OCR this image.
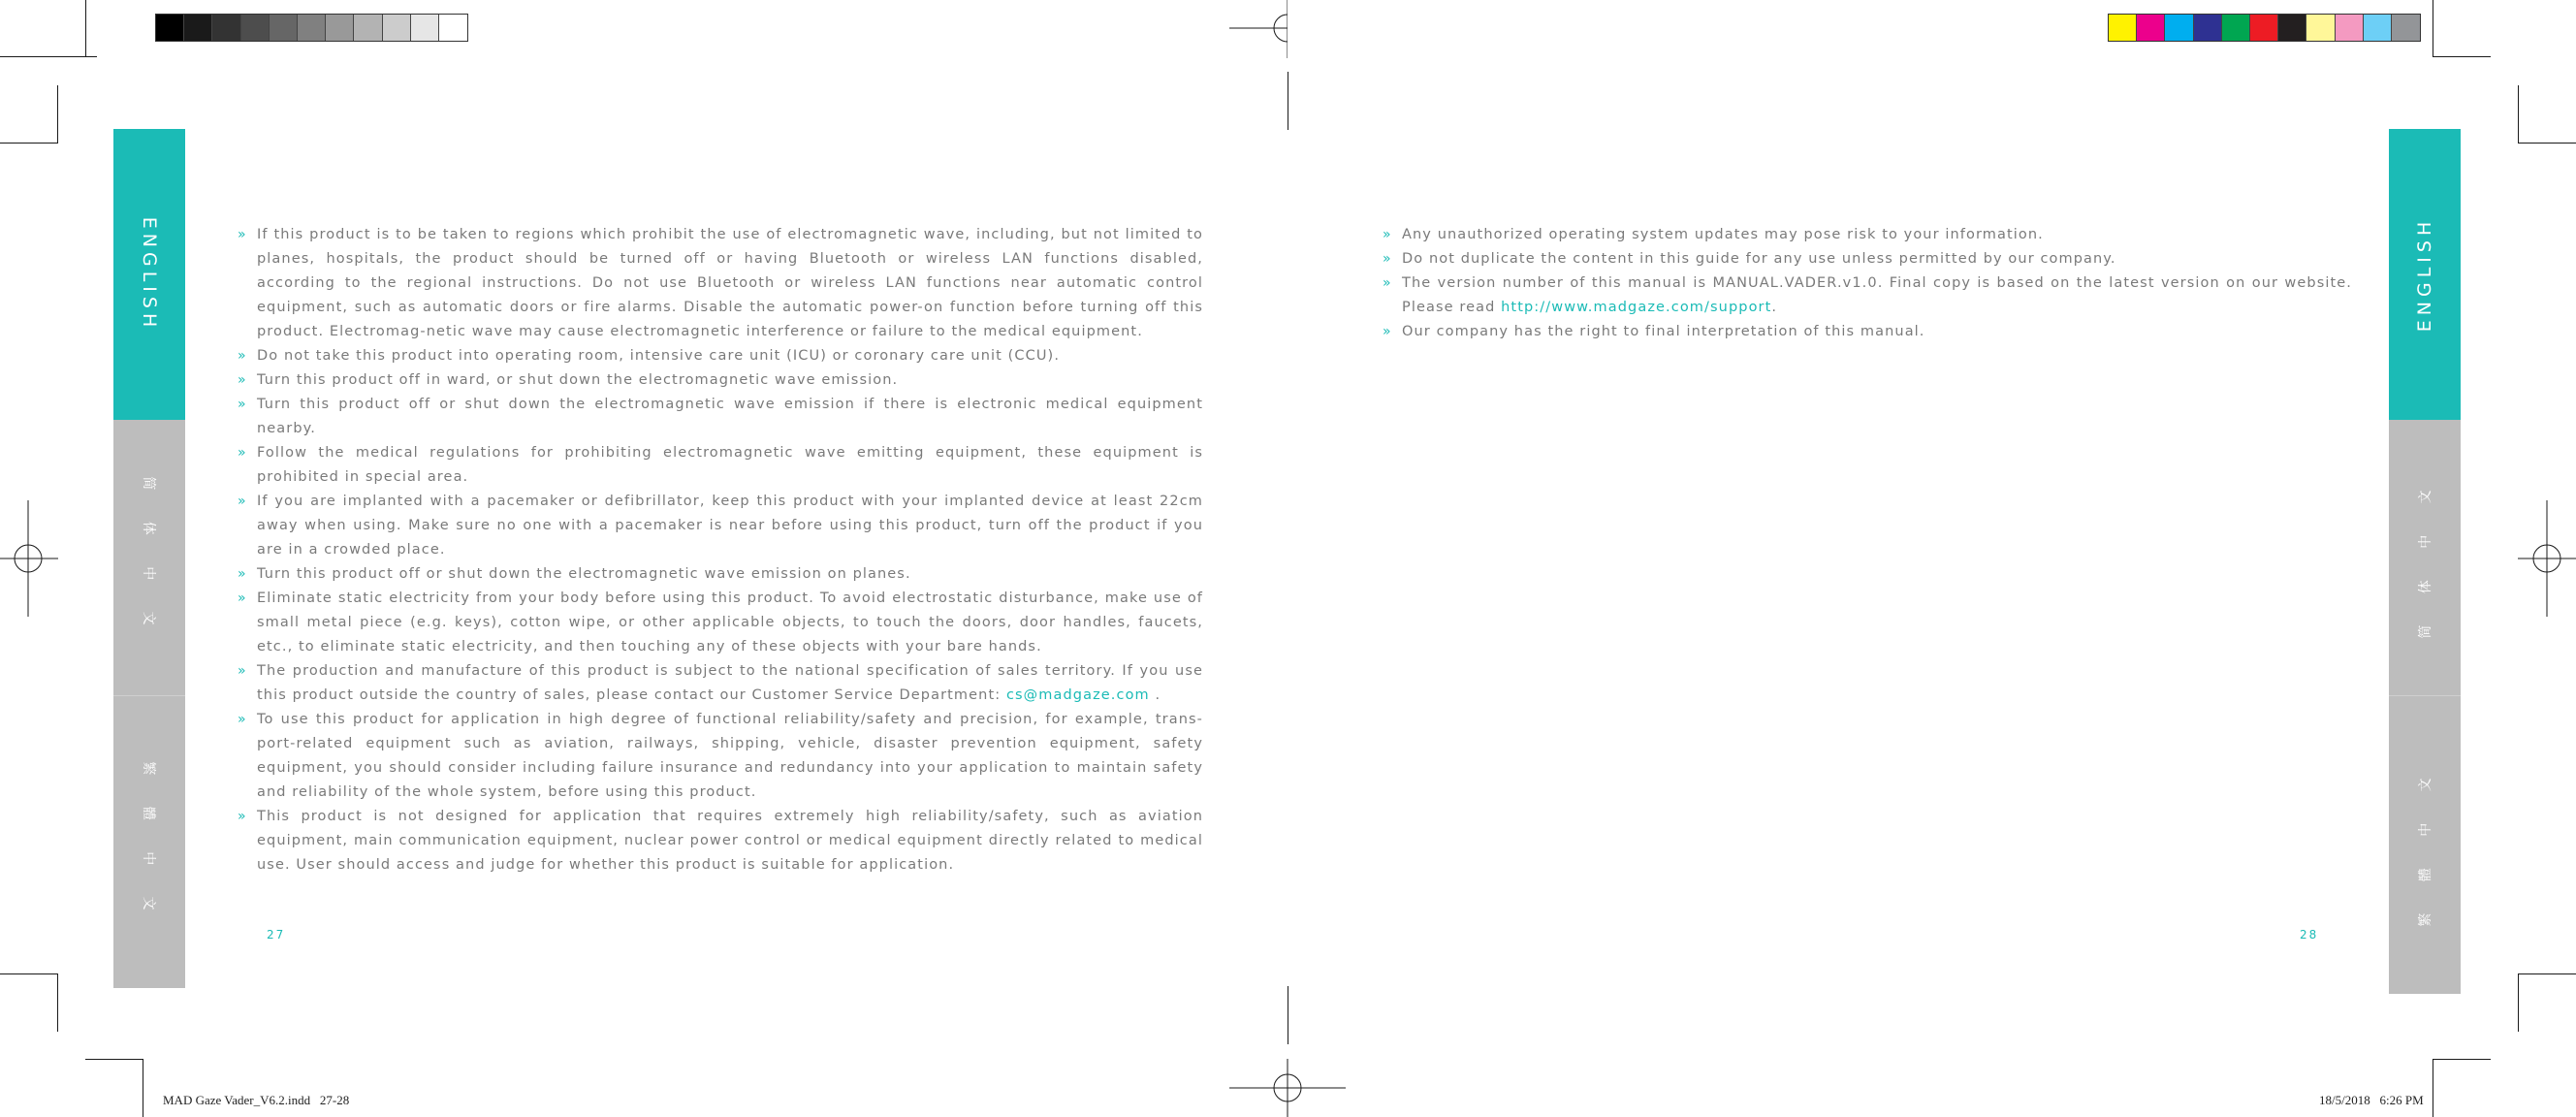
ENGLISH
简 体 中 文
繁 體 中 文
ENGLISH
简 体 中 文
繁 體 中 文
» If this product is to be taken to regions which prohibit the use of electromagnetic wave, including, but not limited to planes, hospitals, the product should be turned off or having Bluetooth or wireless LAN functions disabled, according to the regional instructions. Do not use Bluetooth or wireless LAN functions near automatic control equipment, such as automatic doors or fire alarms. Disable the automatic power-on function before turning off this product. Electromag-netic wave may cause electromagnetic interference or failure to the medical equipment.
» Do not take this product into operating room, intensive care unit (ICU) or coronary care unit (CCU).
» Turn this product off in ward, or shut down the electromagnetic wave emission.
» Turn this product off or shut down the electromagnetic wave emission if there is electronic medical equipment nearby.
» Follow the medical regulations for prohibiting electromagnetic wave emitting equipment, these equipment is prohibited in special area.
» If you are implanted with a pacemaker or defibrillator, keep this product with your implanted device at least 22cm away when using. Make sure no one with a pacemaker is near before using this product, turn off the product if you are in a crowded place.
» Turn this product off or shut down the electromagnetic wave emission on planes.
» Eliminate static electricity from your body before using this product. To avoid electrostatic disturbance, make use of small metal piece (e.g. keys), cotton wipe, or other applicable objects, to touch the doors, door handles, faucets, etc., to eliminate static electricity, and then touching any of these objects with your bare hands.
» The production and manufacture of this product is subject to the national specification of sales territory. If you use this product outside the country of sales, please contact our Customer Service Department: cs@madgaze.com .
» To use this product for application in high degree of functional reliability/safety and precision, for example, trans-port-related equipment such as aviation, railways, shipping, vehicle, disaster prevention equipment, safety equipment, you should consider including failure insurance and redundancy into your application to maintain safety and reliability of the whole system, before using this product.
» This product is not designed for application that requires extremely high reliability/safety, such as aviation equipment, main communication equipment, nuclear power control or medical equipment directly related to medical use. User should access and judge for whether this product is suitable for application.
» Any unauthorized operating system updates may pose risk to your information.
» Do not duplicate the content in this guide for any use unless permitted by our company.
» The version number of this manual is MANUAL.VADER.v1.0. Final copy is based on the latest version on our website. Please read http://www.madgaze.com/support.
» Our company has the right to final interpretation of this manual.
27	28
MAD Gaze Vader_V6.2.indd   27-28	18/5/2018   6:26 PM
